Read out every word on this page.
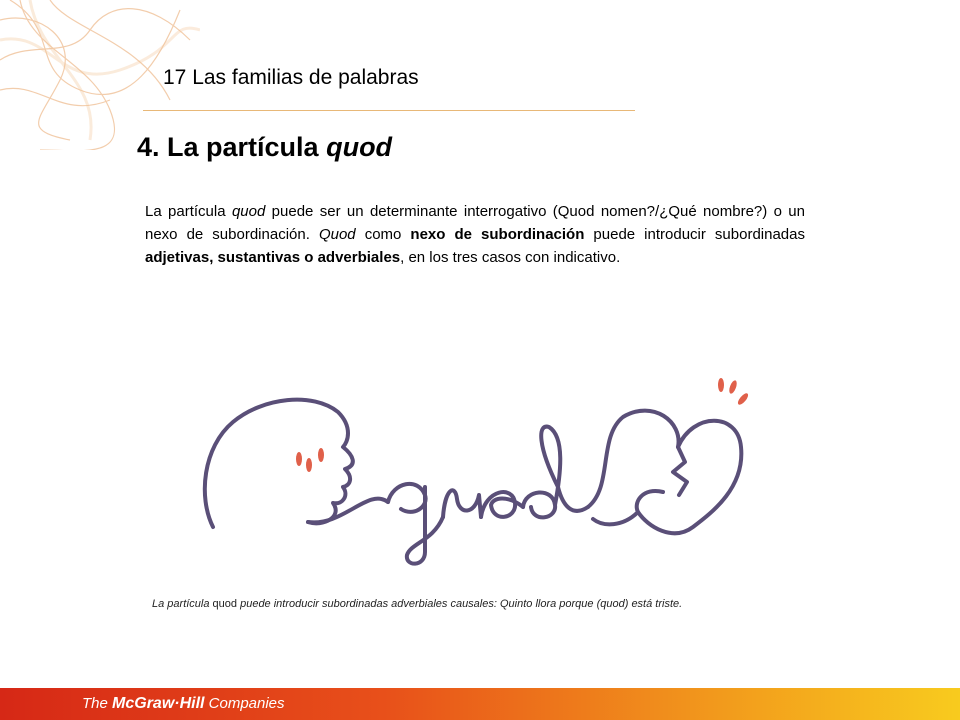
17 Las familias de palabras
4. La partícula quod
La partícula quod puede ser un determinante interrogativo (Quod nomen?/¿Qué nombre?) o un nexo de subordinación. Quod como nexo de subordinación puede introducir subordinadas adjetivas, sustantivas o adverbiales, en los tres casos con indicativo.
La partícula quod puede introducir subordinadas adverbiales causales: Quinto llora porque (quod) está triste.
The McGraw·Hill Companies
